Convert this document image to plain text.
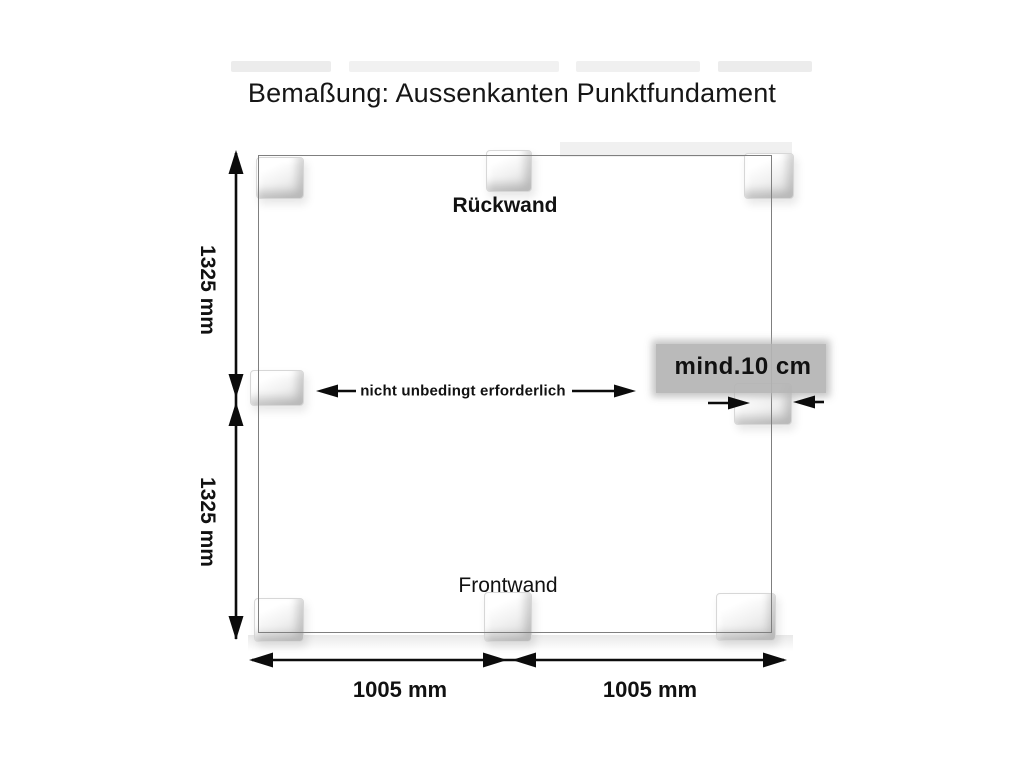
Bemaßung: Aussenkanten Punktfundament
Rückwand
Frontwand
1325 mm
1325 mm
1005 mm	1005 mm
nicht unbedingt erforderlich
mind.10 cm
